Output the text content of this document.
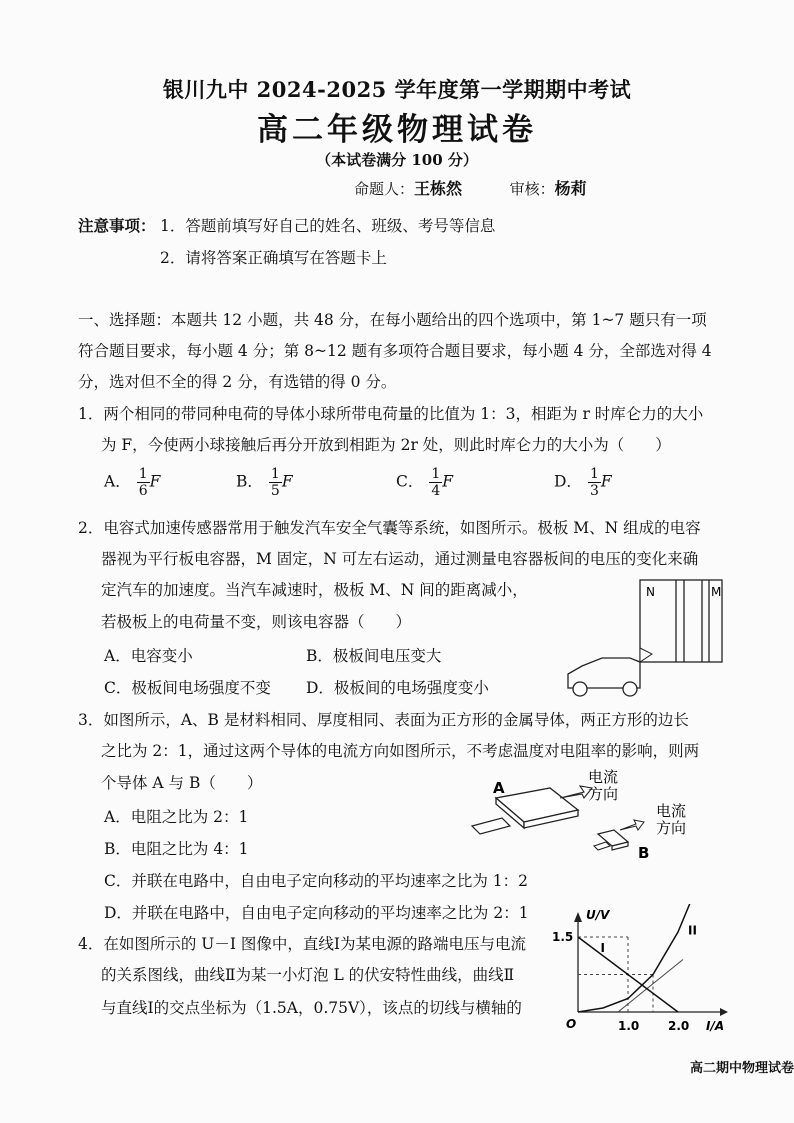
银川九中 2024-2025 学年度第一学期期中考试
高二年级物理试卷
（本试卷满分 100 分）
命题人：王栋然	审核：杨莉
注意事项： 1．答题前填写好自己的姓名、班级、考号等信息
2．请将答案正确填写在答题卡上
一、选择题：本题共 12 小题，共 48 分，在每小题给出的四个选项中，第 1~7 题只有一项
符合题目要求，每小题 4 分；第 8~12 题有多项符合题目要求，每小题 4 分，全部选对得 4
分，选对但不全的得 2 分，有选错的得 0 分。
1．两个相同的带同种电荷的导体小球所带电荷量的比值为 1：3，相距为 r 时库仑力的大小
为 F，今使两小球接触后再分开放到相距为 2r 处，则此时库仑力的大小为（　　）
A． $\frac{1}{6}$ F	B． $\frac{1}{5}$ F	C． $\frac{1}{4}$ F	D． $\frac{1}{3}$ F
2．电容式加速传感器常用于触发汽车安全气囊等系统，如图所示。极板 M、N 组成的电容
器视为平行板电容器，M 固定，N 可左右运动，通过测量电容器板间的电压的变化来确
定汽车的加速度。当汽车减速时，极板 M、N 间的距离减小，
若极板上的电荷量不变，则该电容器（　　）
A．电容变小	B．极板间电压变大
C．极板间电场强度不变 D．极板间的电场强度变小
N	M
3．如图所示，A、B 是材料相同、厚度相同、表面为正方形的金属导体，两正方形的边长
之比为 2：1，通过这两个导体的电流方向如图所示，不考虑温度对电阻率的影响，则两
个导体 A 与 B（　　）
A．电阻之比为 2：1
B．电阻之比为 4：1
C．并联在电路中，自由电子定向移动的平均速率之比为 1：2
D．并联在电路中，自由电子定向移动的平均速率之比为 2：1
A
电流
方向
B
电流
方向
4．在如图所示的 U－I 图像中，直线Ⅰ为某电源的路端电压与电流
的关系图线，曲线Ⅱ为某一小灯泡 L 的伏安特性曲线，曲线Ⅱ
与直线Ⅰ的交点坐标为（1.5A，0.75V），该点的切线与横轴的
U/V
I/A
O	1.0 2.0
1.5
I
II
高二期中物理试卷
